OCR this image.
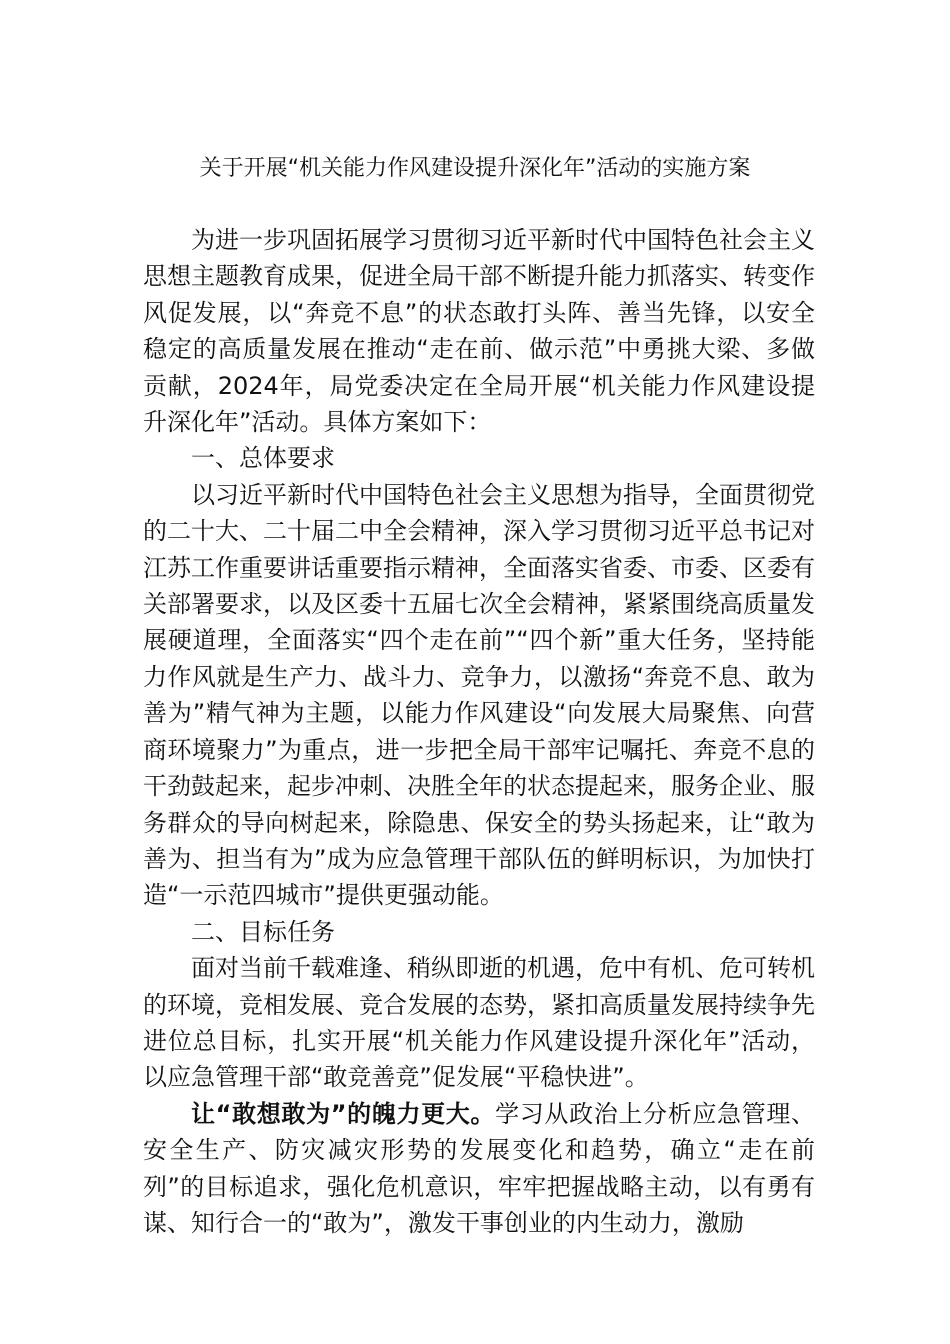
关于开展“机关能力作风建设提升深化年”活动的实施方案

为进一步巩固拓展学习贯彻习近平新时代中国特色社会主义思想主题教育成果，促进全局干部不断提升能力抓落实、转变作风促发展，以“奔竞不息”的状态敢打头阵、善当先锋，以安全稳定的高质量发展在推动“走在前、做示范”中勇挑大梁、多做贡献，2024年，局党委决定在全局开展“机关能力作风建设提升深化年”活动。具体方案如下：

一、总体要求

以习近平新时代中国特色社会主义思想为指导，全面贯彻党的二十大、二十届二中全会精神，深入学习贯彻习近平总书记对江苏工作重要讲话重要指示精神，全面落实省委、市委、区委有关部署要求，以及区委十五届七次全会精神，紧紧围绕高质量发展硬道理，全面落实“四个走在前”“四个新”重大任务，坚持能力作风就是生产力、战斗力、竞争力，以激扬“奔竞不息、敢为善为”精气神为主题，以能力作风建设“向发展大局聚焦、向营商环境聚力”为重点，进一步把全局干部牢记嘱托、奔竞不息的干劲鼓起来，起步冲刺、决胜全年的状态提起来，服务企业、服务群众的导向树起来，除隐患、保安全的势头扬起来，让“敢为善为、担当有为”成为应急管理干部队伍的鲜明标识，为加快打造“一示范四城市”提供更强动能。

二、目标任务

面对当前千载难逢、稍纵即逝的机遇，危中有机、危可转机的环境，竞相发展、竞合发展的态势，紧扣高质量发展持续争先进位总目标，扎实开展“机关能力作风建设提升深化年”活动，以应急管理干部“敢竞善竞”促发展“平稳快进”。

让“敢想敢为”的魄力更大。学习从政治上分析应急管理、安全生产、防灾减灾形势的发展变化和趋势，确立“走在前列”的目标追求，强化危机意识，牢牢把握战略主动，以有勇有谋、知行合一的“敢为”，激发干事创业的内生动力，激励
